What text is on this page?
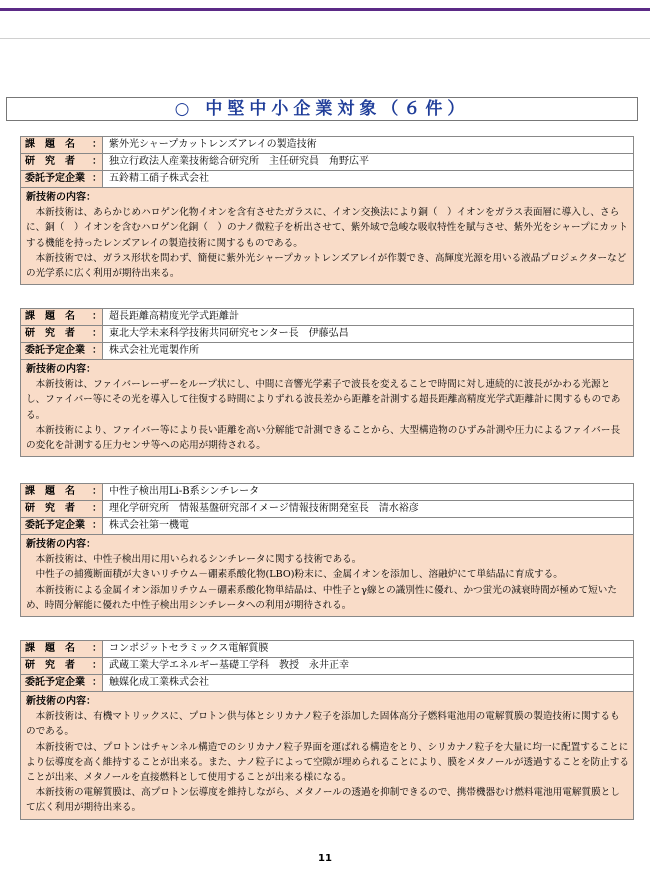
○ 中堅中小企業対象（６件）
課　題　名 ： 紫外光シャープカットレンズアレイの製造技術
研　究　者 ： 独立行政法人産業技術総合研究所　主任研究員　角野広平
委託予定企業 ： 五鈴精工硝子株式会社
新技術の内容：

本新技術は、あらかじめハロゲン化物イオンを含有させたガラスに、イオン交換法により銅（　）イオンをガラス表面層に導入し、さらに、銅（　）イオンを含むハロゲン化銅（　）のナノ微粒子を析出させて、紫外域で急峻な吸収特性を賦与させ、紫外光をシャープにカットする機能を持ったレンズアレイの製造技術に関するものである。

本新技術では、ガラス形状を問わず、簡便に紫外光シャープカットレンズアレイが作製でき、高輝度光源を用いる液晶プロジェクターなどの光学系に広く利用が期待出来る。

課　題　名 ： 超長距離高精度光学式距離計
研　究　者 ： 東北大学未来科学技術共同研究センター長　伊藤弘昌
委託予定企業 ： 株式会社光電製作所
新技術の内容：

本新技術は、ファイバーレーザーをループ状にし、中間に音響光学素子で波長を変えることで時間に対し連続的に波長がかわる光源とし、ファイバー等にその光を導入して往復する時間によりずれる波長差から距離を計測する超長距離高精度光学式距離計に関するものである。

本新技術により、ファイバー等により長い距離を高い分解能で計測できることから、大型構造物のひずみ計測や圧力によるファイバー長の変化を計測する圧力センサ等への応用が期待される。

課　題　名 ： 中性子検出用Li-B系シンチレータ
研　究　者 ： 理化学研究所　情報基盤研究部イメージ情報技術開発室長　清水裕彦
委託予定企業 ： 株式会社第一機電
新技術の内容：

本新技術は、中性子検出用に用いられるシンチレータに関する技術である。

中性子の捕獲断面積が大きいリチウム－硼素系酸化物(LBO)粉末に、金属イオンを添加し、溶融炉にて単結晶に育成する。

本新技術による金属イオン添加リチウム－硼素系酸化物単結晶は、中性子とγ線との識別性に優れ、かつ蛍光の減衰時間が極めて短いため、時間分解能に優れた中性子検出用シンチレータへの利用が期待される。

課　題　名 ： コンポジットセラミックス電解質膜
研　究　者 ： 武蔵工業大学エネルギー基礎工学科　教授　永井正幸
委託予定企業 ： 触媒化成工業株式会社
新技術の内容：

本新技術は、有機マトリックスに、プロトン供与体とシリカナノ粒子を添加した固体高分子燃料電池用の電解質膜の製造技術に関するものである。

本新技術では、プロトンはチャンネル構造でのシリカナノ粒子界面を運ばれる構造をとり、シリカナノ粒子を大量に均一に配置することにより伝導度を高く維持することが出来る。また、ナノ粒子によって空隙が埋められることにより、膜をメタノールが透過することを防止することが出来、メタノールを直接燃料として使用することが出来る様になる。

本新技術の電解質膜は、高プロトン伝導度を維持しながら、メタノールの透過を抑制できるので、携帯機器むけ燃料電池用電解質膜として広く利用が期待出来る。

11
